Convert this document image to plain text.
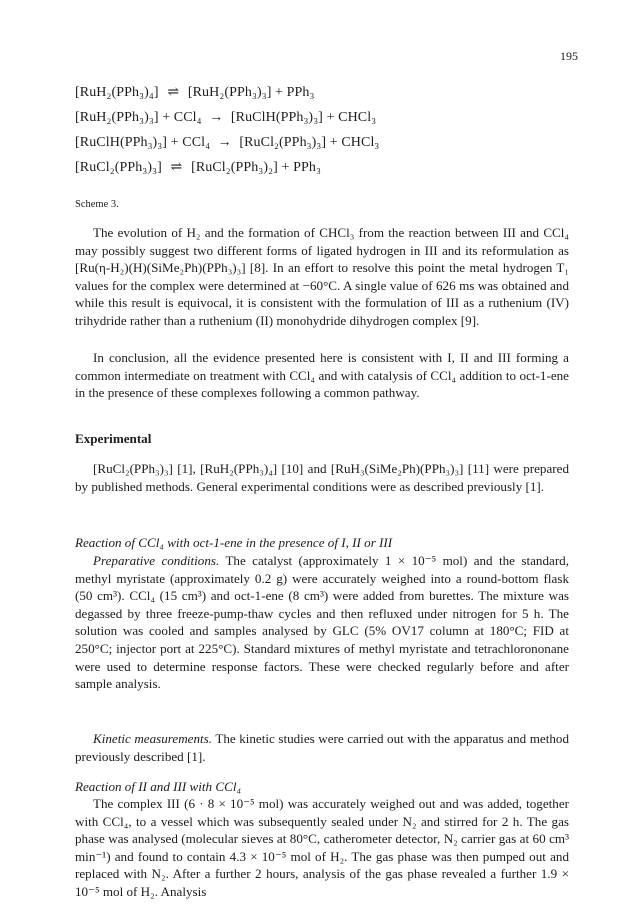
195
[RuH₂(PPh₃)₄] ⇌ [RuH₂(PPh₃)₃] + PPh₃
[RuH₂(PPh₃)₃] + CCl₄ → [RuClH(PPh₃)₃] + CHCl₃
[RuClH(PPh₃)₃] + CCl₄ → [RuCl₂(PPh₃)₃] + CHCl₃
[RuCl₂(PPh₃)₃] ⇌ [RuCl₂(PPh₃)₂] + PPh₃
Scheme 3.
The evolution of H₂ and the formation of CHCl₃ from the reaction between III and CCl₄ may possibly suggest two different forms of ligated hydrogen in III and its reformulation as [Ru(η-H₂)(H)(SiMe₂Ph)(PPh₃)₃] [8]. In an effort to resolve this point the metal hydrogen T₁ values for the complex were determined at −60°C. A single value of 626 ms was obtained and while this result is equivocal, it is consistent with the formulation of III as a ruthenium (IV) trihydride rather than a ruthenium (II) monohydride dihydrogen complex [9].
In conclusion, all the evidence presented here is consistent with I, II and III forming a common intermediate on treatment with CCl₄ and with catalysis of CCl₄ addition to oct-1-ene in the presence of these complexes following a common pathway.
Experimental
[RuCl₂(PPh₃)₃] [1], [RuH₂(PPh₃)₄] [10] and [RuH₃(SiMe₂Ph)(PPh₃)₃] [11] were prepared by published methods. General experimental conditions were as described previously [1].
Reaction of CCl₄ with oct-1-ene in the presence of I, II or III
Preparative conditions. The catalyst (approximately 1 × 10⁻⁵ mol) and the standard, methyl myristate (approximately 0.2 g) were accurately weighed into a round-bottom flask (50 cm³). CCl₄ (15 cm³) and oct-1-ene (8 cm³) were added from burettes. The mixture was degassed by three freeze-pump-thaw cycles and then refluxed under nitrogen for 5 h. The solution was cooled and samples analysed by GLC (5% OV17 column at 180°C; FID at 250°C; injector port at 225°C). Standard mixtures of methyl myristate and tetrachlorononane were used to determine response factors. These were checked regularly before and after sample analysis.
Kinetic measurements. The kinetic studies were carried out with the apparatus and method previously described [1].
Reaction of II and III with CCl₄
The complex III (6 · 8 × 10⁻⁵ mol) was accurately weighed out and was added, together with CCl₄, to a vessel which was subsequently sealed under N₂ and stirred for 2 h. The gas phase was analysed (molecular sieves at 80°C, catherometer detector, N₂ carrier gas at 60 cm³ min⁻¹) and found to contain 4.3 × 10⁻⁵ mol of H₂. The gas phase was then pumped out and replaced with N₂. After a further 2 hours, analysis of the gas phase revealed a further 1.9 × 10⁻⁵ mol of H₂. Analysis
